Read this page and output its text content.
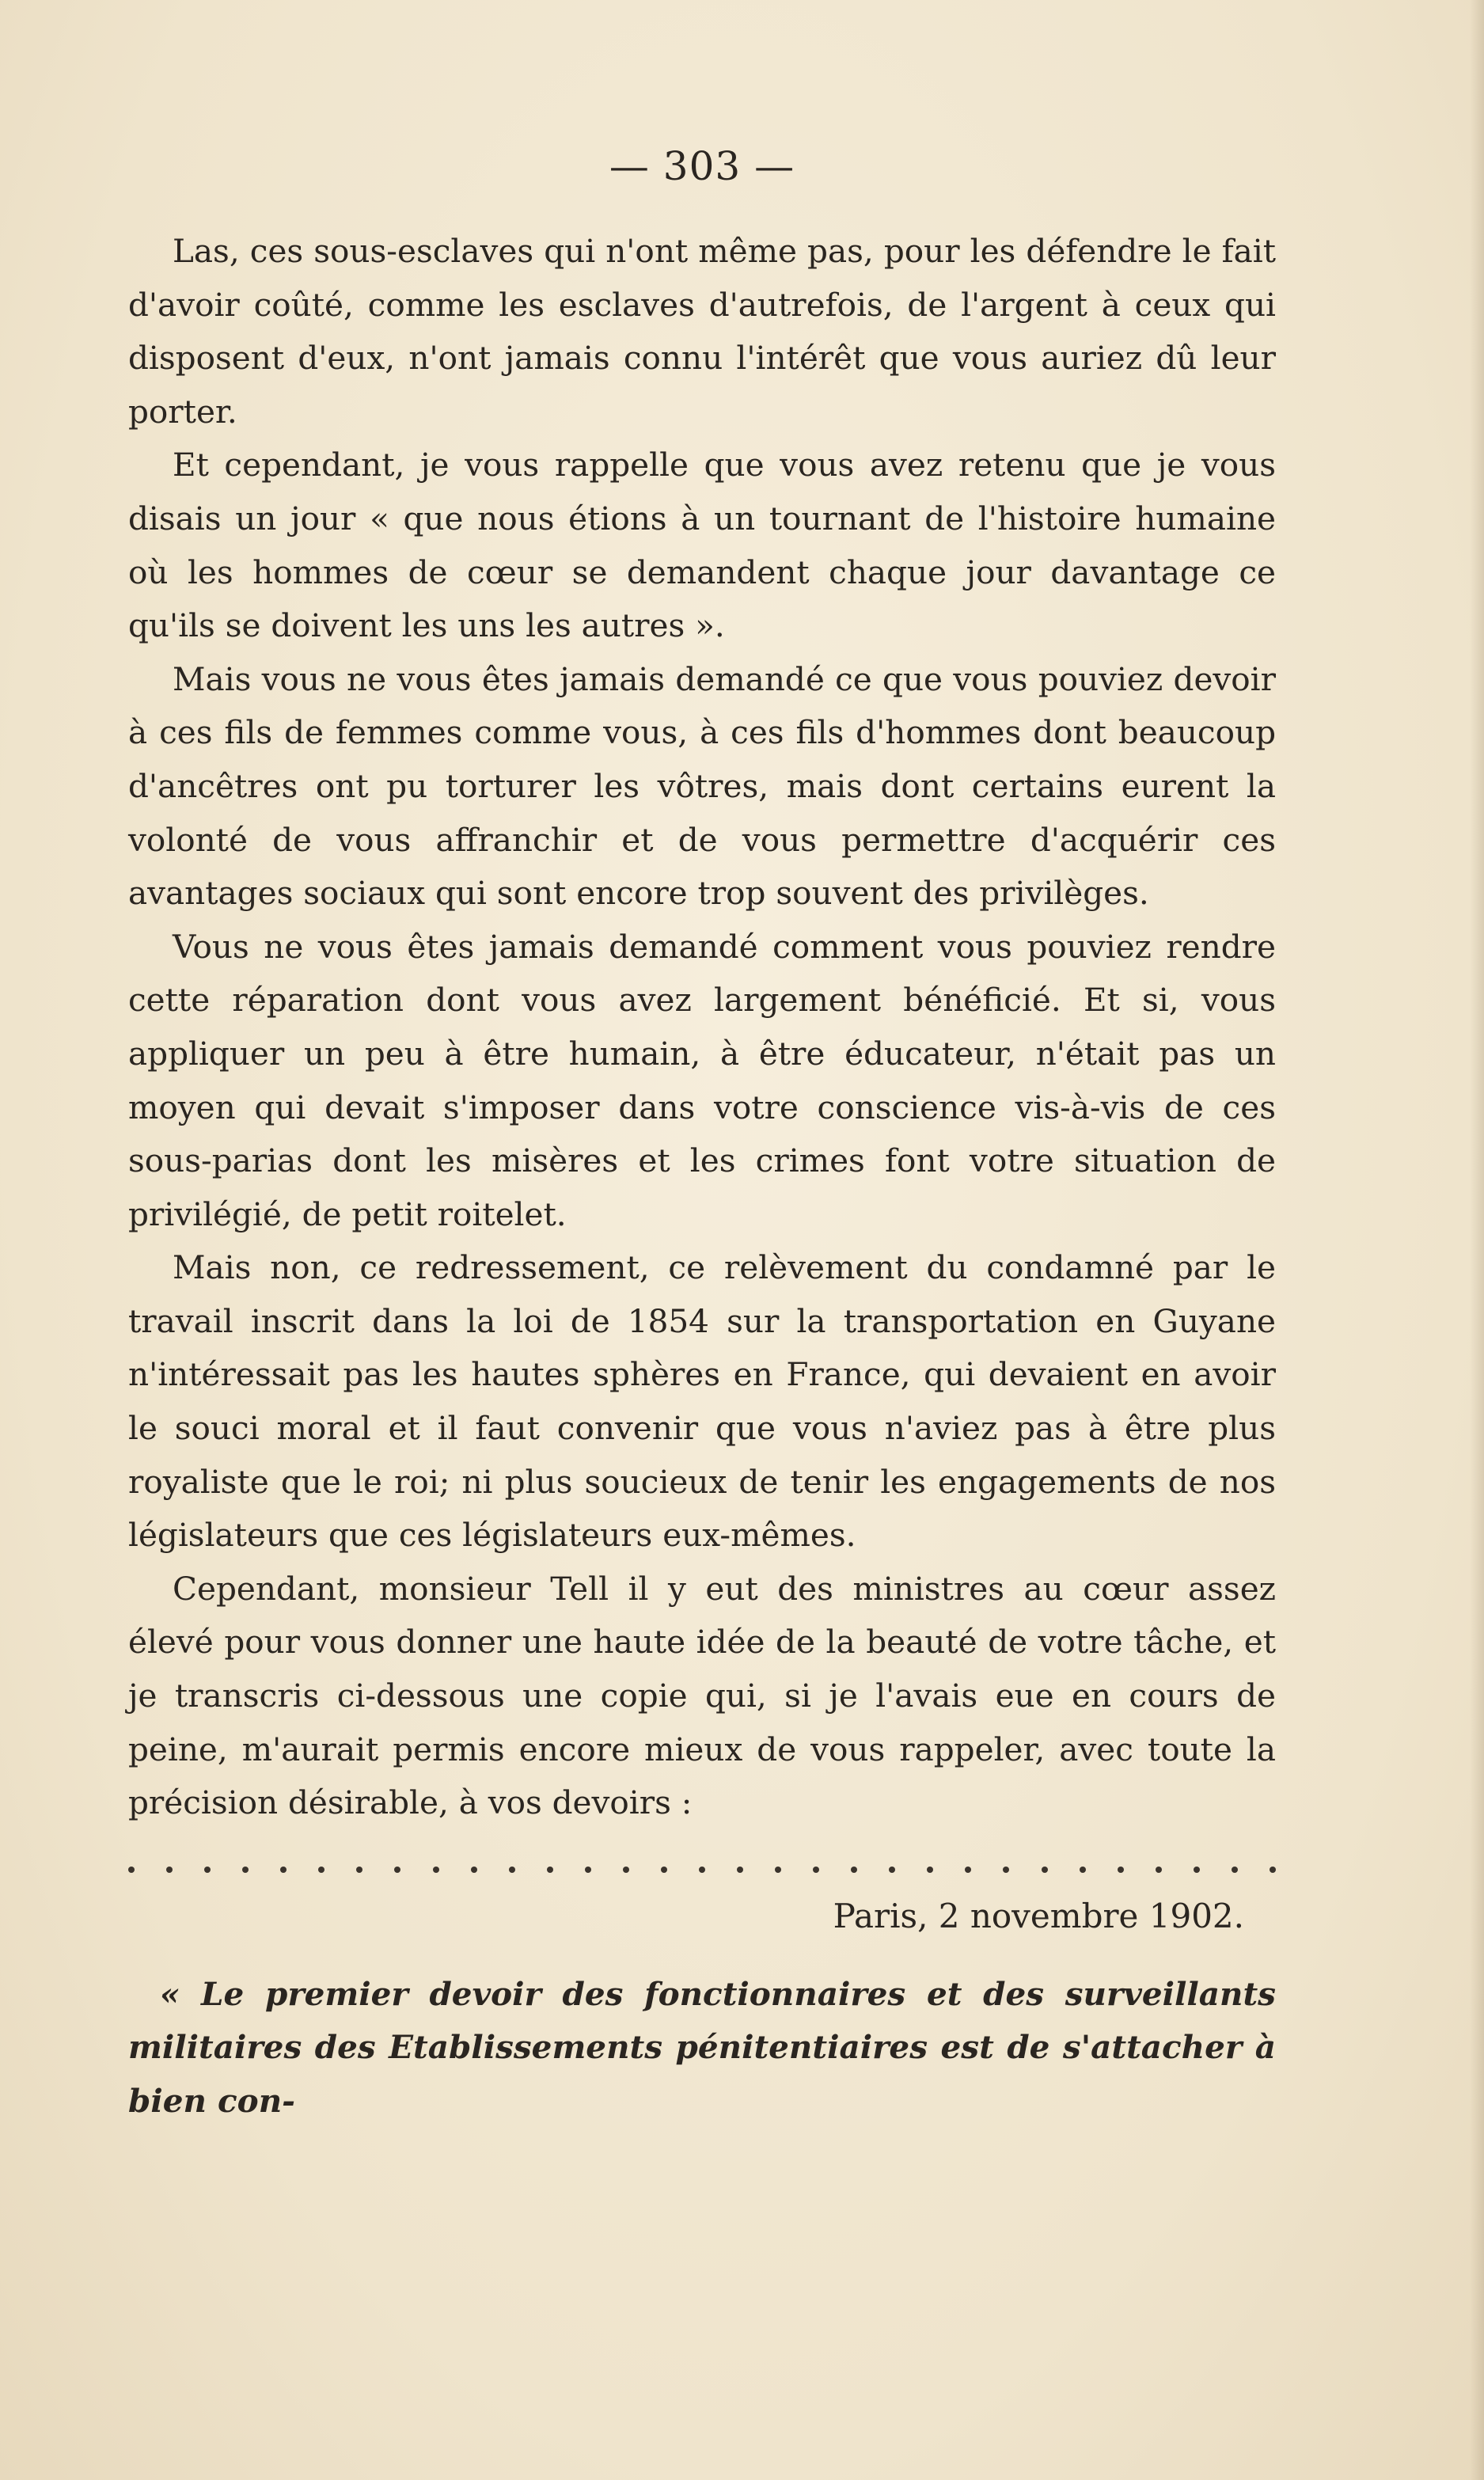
— 303 —

Las, ces sous-esclaves qui n'ont même pas, pour les défendre le fait d'avoir coûté, comme les esclaves d'autrefois, de l'argent à ceux qui disposent d'eux, n'ont jamais connu l'intérêt que vous auriez dû leur porter.

Et cependant, je vous rappelle que vous avez retenu que je vous disais un jour « que nous étions à un tournant de l'histoire humaine où les hommes de cœur se demandent chaque jour davantage ce qu'ils se doivent les uns les autres ».

Mais vous ne vous êtes jamais demandé ce que vous pouviez devoir à ces fils de femmes comme vous, à ces fils d'hommes dont beaucoup d'ancêtres ont pu torturer les vôtres, mais dont certains eurent la volonté de vous affranchir et de vous permettre d'acquérir ces avantages sociaux qui sont encore trop souvent des privilèges.

Vous ne vous êtes jamais demandé comment vous pouviez rendre cette réparation dont vous avez largement bénéficié. Et si, vous appliquer un peu à être humain, à être éducateur, n'était pas un moyen qui devait s'imposer dans votre conscience vis-à-vis de ces sous-parias dont les misères et les crimes font votre situation de privilégié, de petit roitelet.

Mais non, ce redressement, ce relèvement du condamné par le travail inscrit dans la loi de 1854 sur la transportation en Guyane n'intéressait pas les hautes sphères en France, qui devaient en avoir le souci moral et il faut convenir que vous n'aviez pas à être plus royaliste que le roi; ni plus soucieux de tenir les engagements de nos législateurs que ces législateurs eux-mêmes.

Cependant, monsieur Tell il y eut des ministres au cœur assez élevé pour vous donner une haute idée de la beauté de votre tâche, et je transcris ci-dessous une copie qui, si je l'avais eue en cours de peine, m'aurait permis encore mieux de vous rappeler, avec toute la précision désirable, à vos devoirs :

Paris, 2 novembre 1902.

« Le premier devoir des fonctionnaires et des surveillants militaires des Etablissements pénitentiaires est de s'attacher à bien con-
